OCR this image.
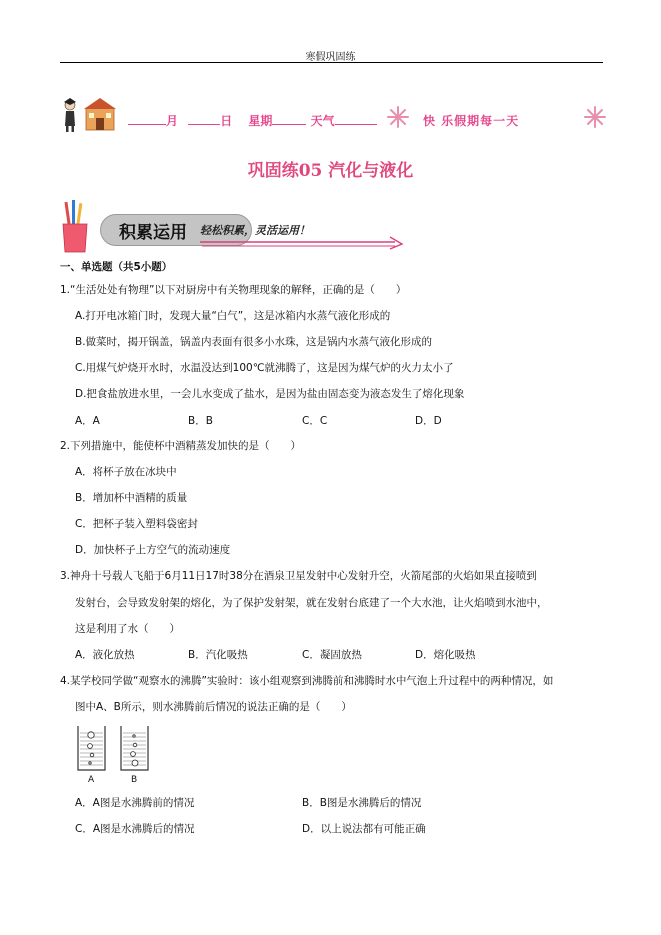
寒假巩固练
月	日 星期	天气	快 乐假期每一天
巩固练05 汽化与液化
积累运用 轻松积累，灵活运用！
一、单选题（共5小题）
1.“生活处处有物理”以下对厨房中有关物理现象的解释，正确的是（　　）
A.打开电冰箱门时，发现大量“白气”，这是冰箱内水蒸气液化形成的
B.做菜时，揭开锅盖，锅盖内表面有很多小水珠，这是锅内水蒸气液化形成的
C.用煤气炉烧开水时，水温没达到100℃就沸腾了，这是因为煤气炉的火力太小了
D.把食盐放进水里，一会儿水变成了盐水，是因为盐由固态变为液态发生了熔化现象
A．A	B．B	C．C	D．D
2.下列措施中，能使杯中酒精蒸发加快的是（　　）
A．将杯子放在冰块中
B．增加杯中酒精的质量
C．把杯子装入塑料袋密封
D．加快杯子上方空气的流动速度
3.神舟十号载人飞船于6月11日17时38分在酒泉卫星发射中心发射升空，火箭尾部的火焰如果直接喷到
发射台，会导致发射架的熔化，为了保护发射架，就在发射台底建了一个大水池，让火焰喷到水池中，
这是利用了水（　　）
A．液化放热	B．汽化吸热	C．凝固放热	D．熔化吸热
4.某学校同学做“观察水的沸腾”实验时：该小组观察到沸腾前和沸腾时水中气泡上升过程中的两种情况，如
图中A、B所示，则水沸腾前后情况的说法正确的是（　　）
A	B
A．A图是水沸腾前的情况	B．B图是水沸腾后的情况
C．A图是水沸腾后的情况	D．以上说法都有可能正确
